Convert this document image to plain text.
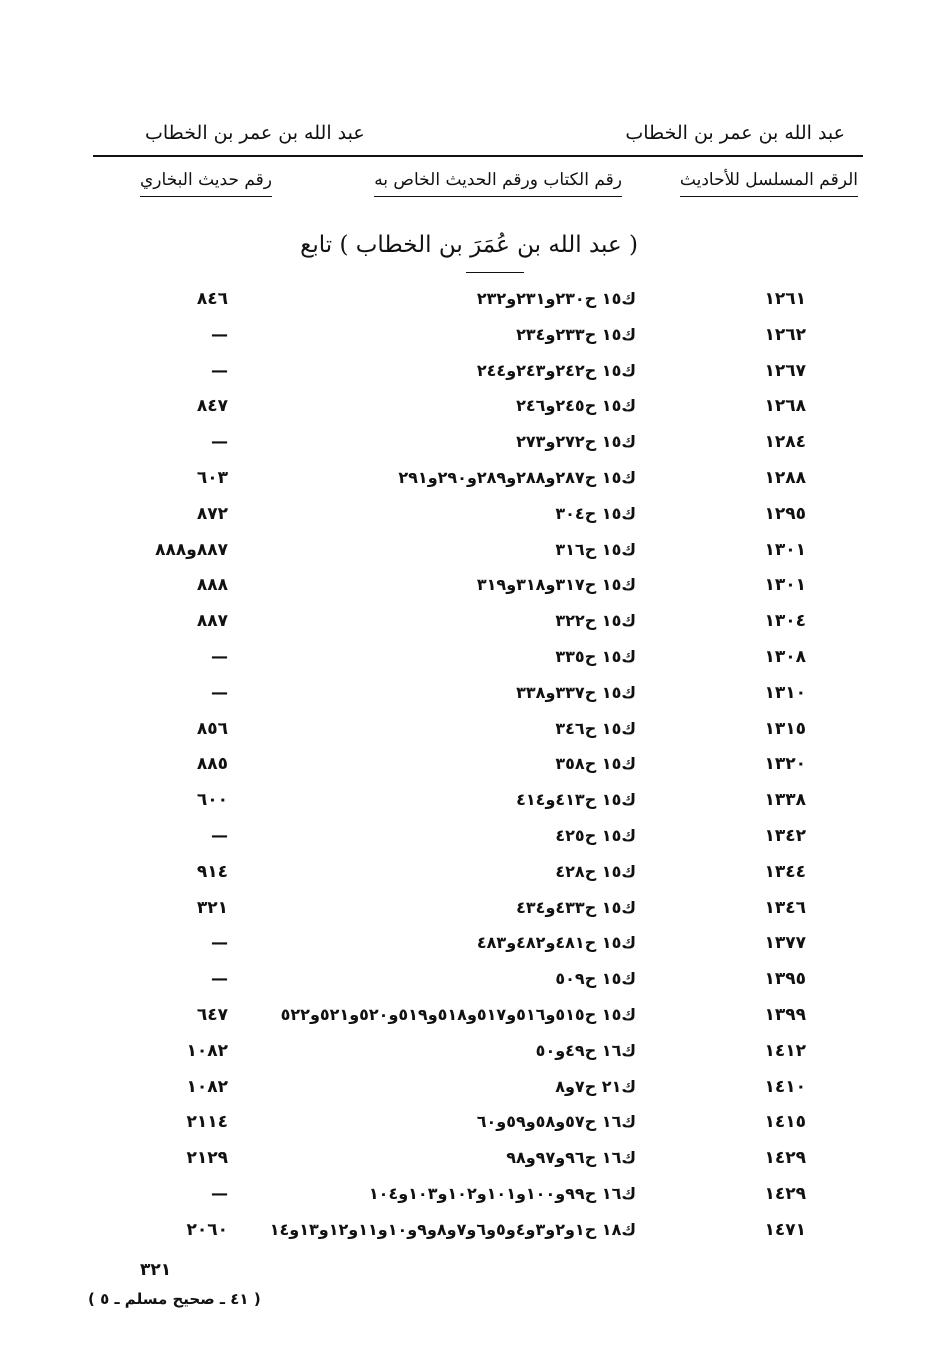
عبد الله بن عمر بن الخطاب
عبد الله بن عمر بن الخطاب
الرقم المسلسل للأحاديث
رقم الكتاب ورقم الحديث الخاص به
رقم حديث البخاري
( عبد الله بن عُمَرَ بن الخطاب ) تابع
١٢٦١
ك١٥ ح٢٣٠و٢٣١و٢٣٢
٨٤٦
١٢٦٢
ك١٥ ح٢٣٣و٢٣٤
—
١٢٦٧
ك١٥ ح٢٤٢و٢٤٣و٢٤٤
—
١٢٦٨
ك١٥ ح٢٤٥و٢٤٦
٨٤٧
١٢٨٤
ك١٥ ح٢٧٢و٢٧٣
—
١٢٨٨
ك١٥ ح٢٨٧و٢٨٨و٢٨٩و٢٩٠و٢٩١
٦٠٣
١٢٩٥
ك١٥ ح٣٠٤
٨٧٢
١٣٠١
ك١٥ ح٣١٦
٨٨٧و٨٨٨
١٣٠١
ك١٥ ح٣١٧و٣١٨و٣١٩
٨٨٨
١٣٠٤
ك١٥ ح٣٢٢
٨٨٧
١٣٠٨
ك١٥ ح٣٣٥
—
١٣١٠
ك١٥ ح٣٣٧و٣٣٨
—
١٣١٥
ك١٥ ح٣٤٦
٨٥٦
١٣٢٠
ك١٥ ح٣٥٨
٨٨٥
١٣٣٨
ك١٥ ح٤١٣و٤١٤
٦٠٠
١٣٤٢
ك١٥ ح٤٢٥
—
١٣٤٤
ك١٥ ح٤٢٨
٩١٤
١٣٤٦
ك١٥ ح٤٣٣و٤٣٤
٣٢١
١٣٧٧
ك١٥ ح٤٨١و٤٨٢و٤٨٣
—
١٣٩٥
ك١٥ ح٥٠٩
—
١٣٩٩
ك١٥ ح٥١٥و٥١٦و٥١٧و٥١٨و٥١٩و٥٢٠و٥٢١و٥٢٢
٦٤٧
١٤١٢
ك١٦ ح٤٩و٥٠
١٠٨٢
١٤١٠
ك٢١ ح٧و٨
١٠٨٢
١٤١٥
ك١٦ ح٥٧و٥٨و٥٩و٦٠
٢١١٤
١٤٢٩
ك١٦ ح٩٦و٩٧و٩٨
٢١٢٩
١٤٢٩
ك١٦ ح٩٩و١٠٠و١٠١و١٠٢و١٠٣و١٠٤
—
١٤٧١
ك١٨ ح١و٢و٣و٤و٥و٦و٧و٨و٩و١٠و١١و١٢و١٣و١٤
٢٠٦٠
٣٢١
( ٤١ ـ صحيح مسلم ـ ٥ )
